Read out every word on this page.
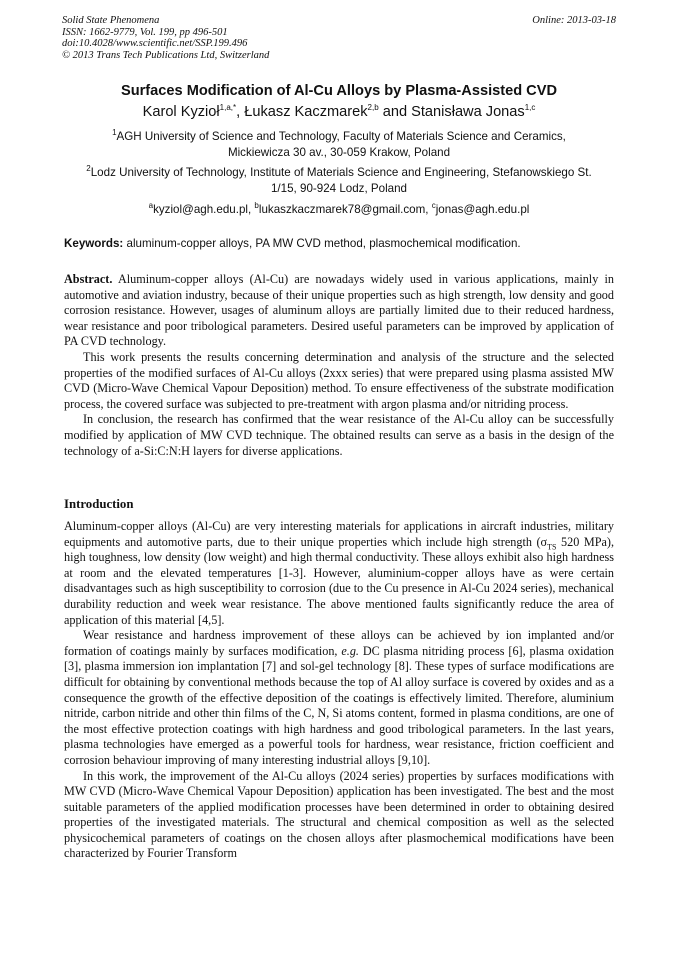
Solid State Phenomena
ISSN: 1662-9779, Vol. 199, pp 496-501
doi:10.4028/www.scientific.net/SSP.199.496
© 2013 Trans Tech Publications Ltd, Switzerland
Online: 2013-03-18
Surfaces Modification of Al-Cu Alloys by Plasma-Assisted CVD
Karol Kyzioł$^{1,a,*}$, Łukasz Kaczmarek$^{2,b}$ and Stanisława Jonas$^{1,c}$
$^1$AGH University of Science and Technology, Faculty of Materials Science and Ceramics,
Mickiewicza 30 av., 30-059 Krakow, Poland
$^2$Lodz University of Technology, Institute of Materials Science and Engineering, Stefanowskiego St.
1/15, 90-924 Lodz, Poland
$^a$kyziol@agh.edu.pl, $^b$lukaszkaczmarek78@gmail.com, $^c$jonas@agh.edu.pl
Keywords: aluminum-copper alloys, PA MW CVD method, plasmochemical modification.

Abstract. Aluminum-copper alloys (Al-Cu) are nowadays widely used in various applications, mainly in automotive and aviation industry, because of their unique properties such as high strength, low density and good corrosion resistance. However, usages of aluminum alloys are partially limited due to their reduced hardness, wear resistance and poor tribological parameters. Desired useful parameters can be improved by application of PA CVD technology.

This work presents the results concerning determination and analysis of the structure and the selected properties of the modified surfaces of Al-Cu alloys (2xxx series) that were prepared using plasma assisted MW CVD (Micro-Wave Chemical Vapour Deposition) method. To ensure effectiveness of the substrate modification process, the covered surface was subjected to pre-treatment with argon plasma and/or nitriding process.

In conclusion, the research has confirmed that the wear resistance of the Al-Cu alloy can be successfully modified by application of MW CVD technique. The obtained results can serve as a basis in the design of the technology of a-Si:C:N:H layers for diverse applications.

Introduction

Aluminum-copper alloys (Al-Cu) are very interesting materials for applications in aircraft industries, military equipments and automotive parts, due to their unique properties which include high strength ($\sigma_{TS}$ 520 MPa), high toughness, low density (low weight) and high thermal conductivity. These alloys exhibit also high hardness at room and the elevated temperatures [1-3]. However, aluminium-copper alloys have as were certain disadvantages such as high susceptibility to corrosion (due to the Cu presence in Al-Cu 2024 series), mechanical durability reduction and week wear resistance. The above mentioned faults significantly reduce the area of application of this material [4,5].

Wear resistance and hardness improvement of these alloys can be achieved by ion implanted and/or formation of coatings mainly by surfaces modification, e.g. DC plasma nitriding process [6], plasma oxidation [3], plasma immersion ion implantation [7] and sol-gel technology [8]. These types of surface modifications are difficult for obtaining by conventional methods because the top of Al alloy surface is covered by oxides and as a consequence the growth of the effective deposition of the coatings is effectively limited. Therefore, aluminium nitride, carbon nitride and other thin films of the C, N, Si atoms content, formed in plasma conditions, are one of the most effective protection coatings with high hardness and good tribological parameters. In the last years, plasma technologies have emerged as a powerful tools for hardness, wear resistance, friction coefficient and corrosion behaviour improving of many interesting industrial alloys [9,10].

In this work, the improvement of the Al-Cu alloys (2024 series) properties by surfaces modifications with MW CVD (Micro-Wave Chemical Vapour Deposition) application has been investigated. The best and the most suitable parameters of the applied modification processes have been determined in order to obtaining desired properties of the investigated materials. The structural and chemical composition as well as the selected physicochemical parameters of coatings on the chosen alloys after plasmochemical modifications have been characterized by Fourier Transform
